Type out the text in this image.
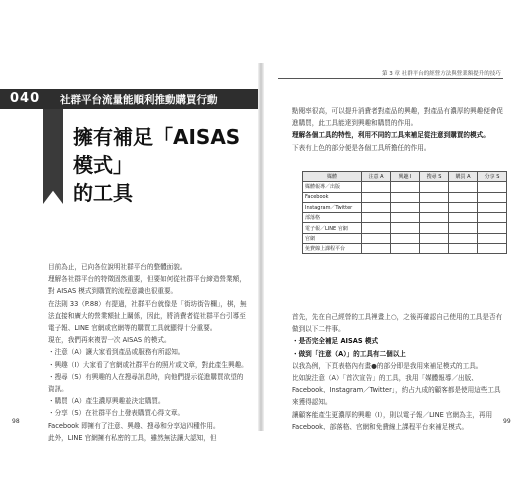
040 社群平台流量能順利推動購買行動
擁有補足「AISAS 模式」
的工具

目前為止，已向各位說明社群平台的整體面貌。

理解各社群平台的特徵固然重要，但要如何從社群平台締造營業額，對 AISAS 模式到購買的流程意識也很重要。

在法則 33（P.88）有提過，社群平台就像是「街坊街告欄」，棋，無法直接和廣大的營業額扯上關係，因此，將消費者從社群平台引導至電子報、LINE 官網或官網等的購買工具就顯得十分重要。

現在，我們再來複習一次 AISAS 的模式。

・注意（A）讓大家看到產品或服務有所認知。

・興趣（I）大家看了官網或社群平台的照片或文章，對此產生興趣。

・搜尋（S）有興趣的人在搜尋訊息時，向他們提示從進購買欲望的資訊。

・購買（A）產生濃厚興趣並決定購買。

・分享（S）在社群平台上發表購買心得文章。

Facebook 即擁有了注意、興趣、搜尋和分享這四種作用。

此外，LINE 官網擁有私密的工具，雖然無法讓大認知，但

98
第 3 章 社群平台的經營方法與營業額提升的技巧

點閱率很高，可以提升消費者對產品的興趣，對產品有濃厚的興趣便會促進購買，此工具能達到興趣和購買的作用。

理解各個工具的特性，利用不同的工具來補足從注意到購買的模式。

下表有上色的部分便是各個工具所擔任的作用。

媒體	注意 A	興趣 I	搜尋 S	購買 A	分享 S
媒體報導／出版					
Facebook					
Instagram／Twitter					
部落格					
電子報／LINE 官網					
官網					
免費線上課程平台					

首先，先在自己經營的工具裡畫上○，之後再確認自己使用的工具是否有做到以下二件事。

・是否完全補足 AISAS 模式

・做到「注意（A）」的工具有二個以上

以我為例，下頁表格內有畫●的部分即是我用來補足模式的工具。

比如說注意（A）「首次宣告」的工具，我用「媒體報導／出版、Facebook、Instagram／Twitter」，約占九成的顧客都是使用這些工具來獲得認知。

讓顧客能產生更濃厚的興趣（I），則以電子報／LINE 官網為主，再用 Facebook、部落格、官網和免費線上課程平台來補足模式。

99
